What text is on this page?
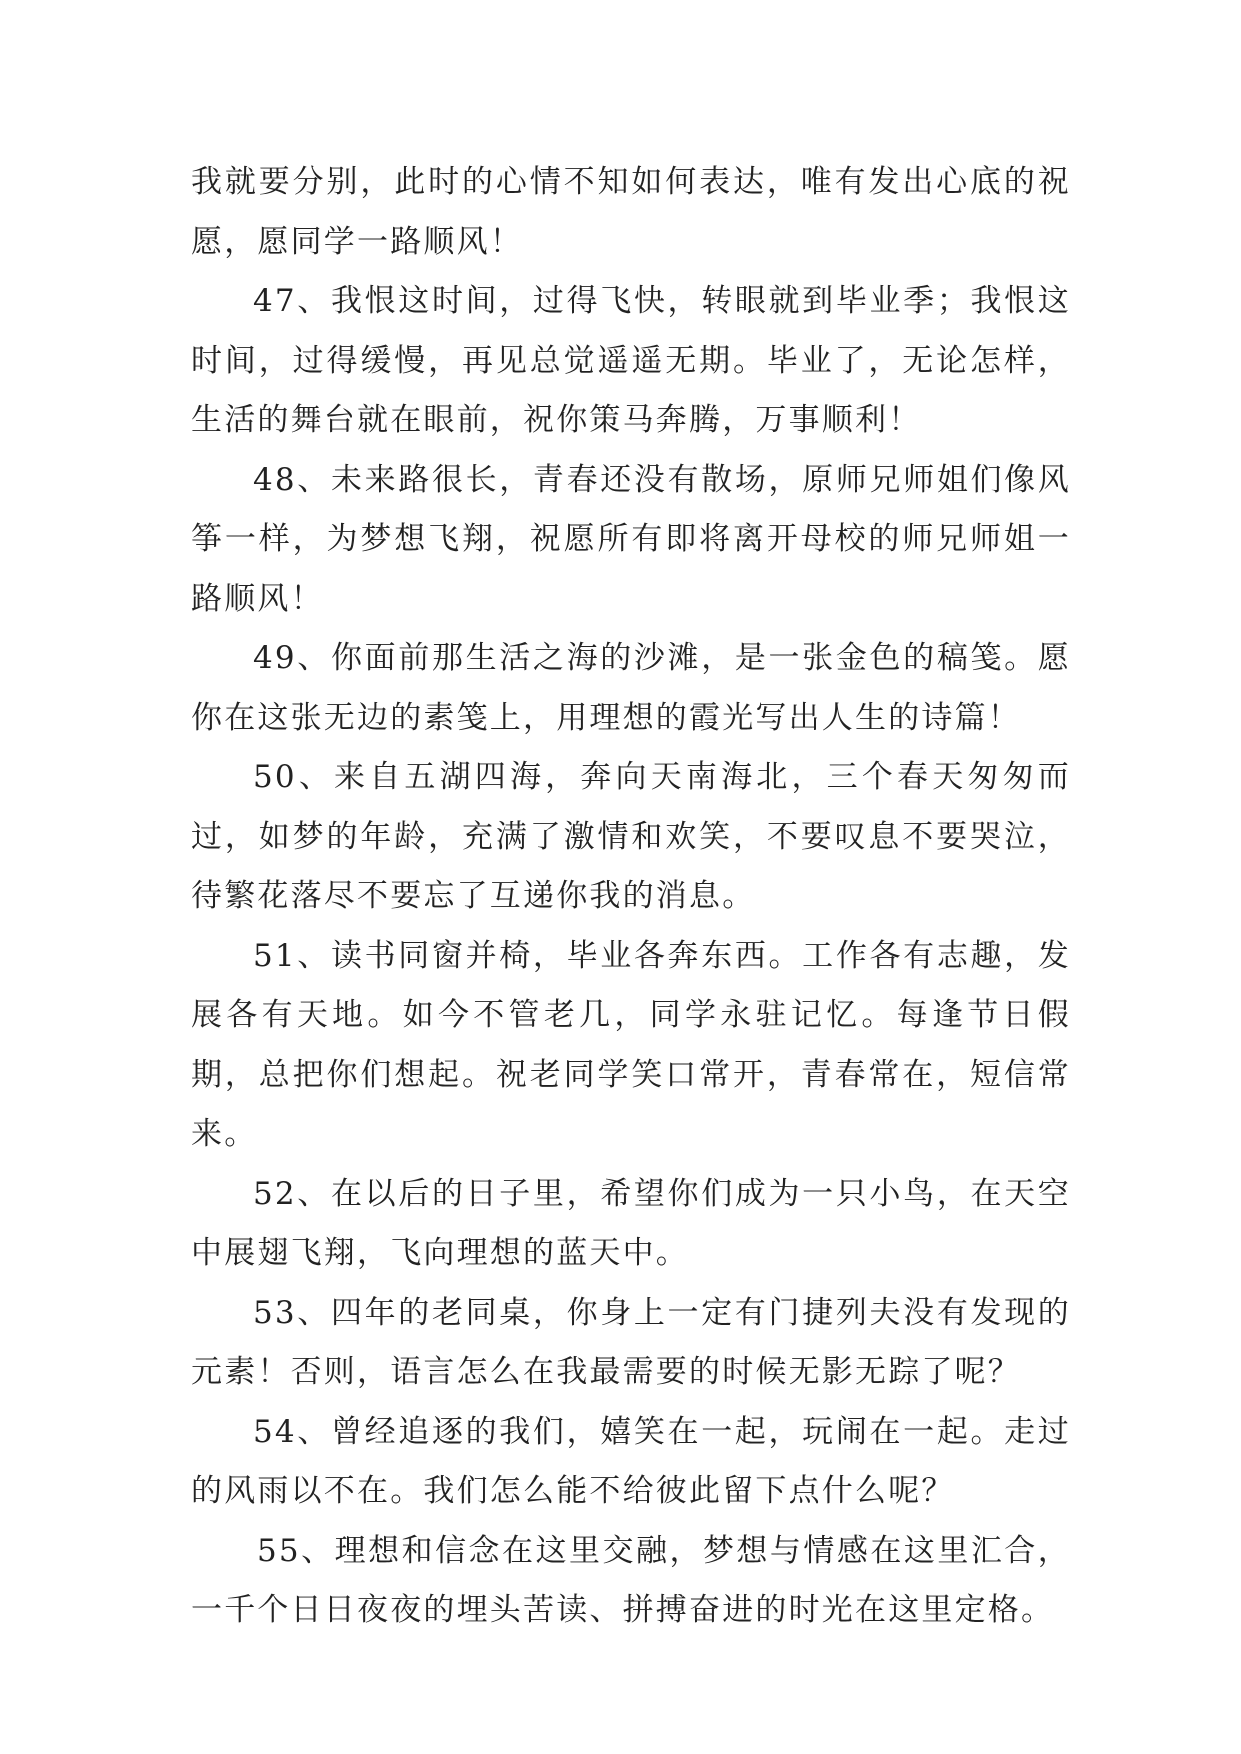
我就要分别，此时的心情不知如何表达，唯有发出心底的祝愿，愿同学一路顺风！

47、我恨这时间，过得飞快，转眼就到毕业季；我恨这时间，过得缓慢，再见总觉遥遥无期。毕业了，无论怎样，生活的舞台就在眼前，祝你策马奔腾，万事顺利！

48、未来路很长，青春还没有散场，原师兄师姐们像风筝一样，为梦想飞翔，祝愿所有即将离开母校的师兄师姐一路顺风！

49、你面前那生活之海的沙滩，是一张金色的稿笺。愿你在这张无边的素笺上，用理想的霞光写出人生的诗篇！

50、来自五湖四海，奔向天南海北，三个春天匆匆而过，如梦的年龄，充满了激情和欢笑，不要叹息不要哭泣，待繁花落尽不要忘了互递你我的消息。

51、读书同窗并椅，毕业各奔东西。工作各有志趣，发展各有天地。如今不管老几，同学永驻记忆。每逢节日假期，总把你们想起。祝老同学笑口常开，青春常在，短信常来。

52、在以后的日子里，希望你们成为一只小鸟，在天空中展翅飞翔，飞向理想的蓝天中。

53、四年的老同桌，你身上一定有门捷列夫没有发现的元素！否则，语言怎么在我最需要的时候无影无踪了呢？

54、曾经追逐的我们，嬉笑在一起，玩闹在一起。走过的风雨以不在。我们怎么能不给彼此留下点什么呢？

55、理想和信念在这里交融，梦想与情感在这里汇合，一千个日日夜夜的埋头苦读、拼搏奋进的时光在这里定格。
